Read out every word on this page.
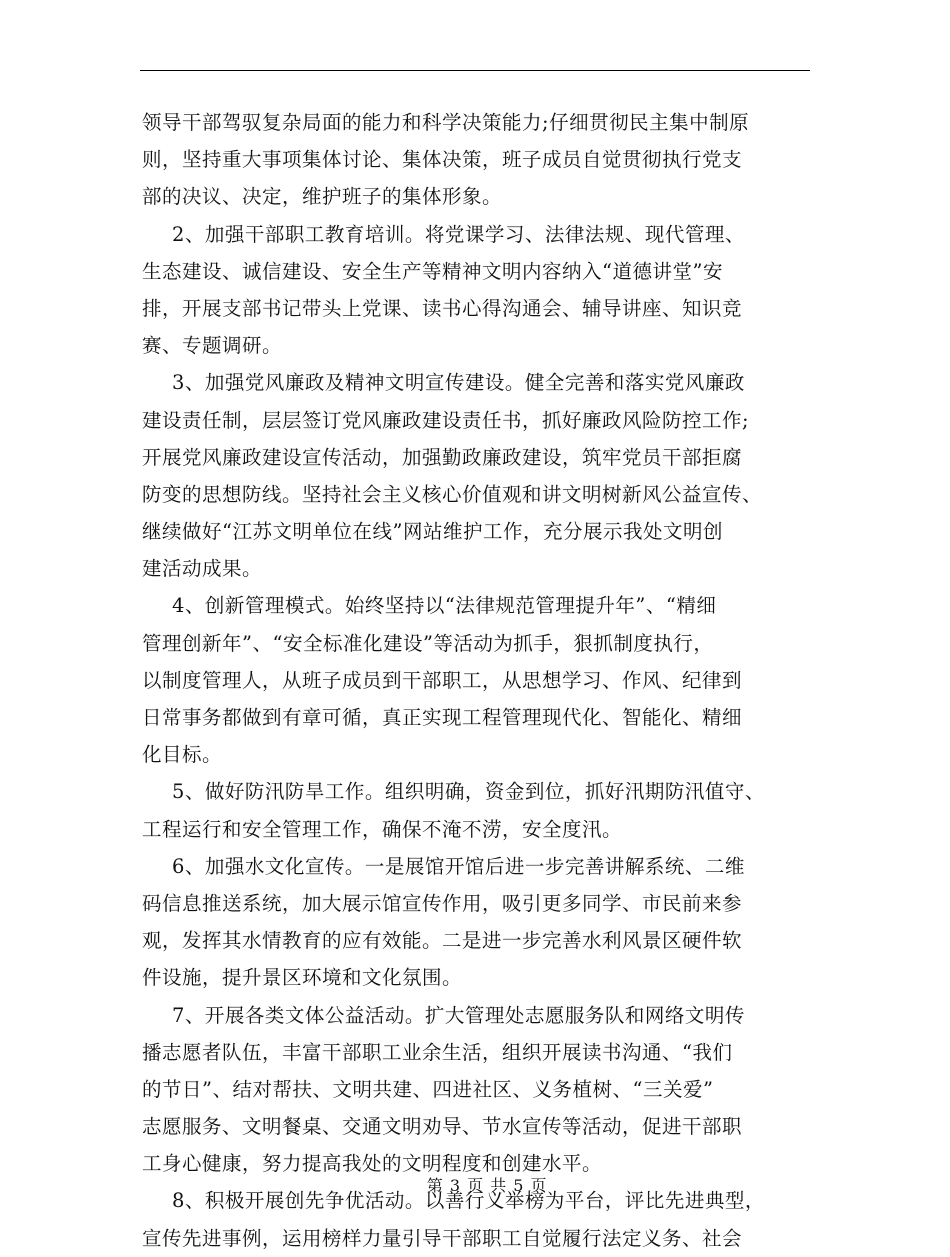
领导干部驾驭复杂局面的能力和科学决策能力;仔细贯彻民主集中制原
则，坚持重大事项集体讨论、集体决策，班子成员自觉贯彻执行党支
部的决议、决定，维护班子的集体形象。
2、加强干部职工教育培训。将党课学习、法律法规、现代管理、
生态建设、诚信建设、安全生产等精神文明内容纳入“道德讲堂”安
排，开展支部书记带头上党课、读书心得沟通会、辅导讲座、知识竞
赛、专题调研。
3、加强党风廉政及精神文明宣传建设。健全完善和落实党风廉政
建设责任制，层层签订党风廉政建设责任书，抓好廉政风险防控工作;
开展党风廉政建设宣传活动，加强勤政廉政建设，筑牢党员干部拒腐
防变的思想防线。坚持社会主义核心价值观和讲文明树新风公益宣传、
继续做好“江苏文明单位在线”网站维护工作，充分展示我处文明创
建活动成果。
4、创新管理模式。始终坚持以“法律规范管理提升年”、“精细
管理创新年”、“安全标准化建设”等活动为抓手，狠抓制度执行，
以制度管理人，从班子成员到干部职工，从思想学习、作风、纪律到
日常事务都做到有章可循，真正实现工程管理现代化、智能化、精细
化目标。
5、做好防汛防旱工作。组织明确，资金到位，抓好汛期防汛值守、
工程运行和安全管理工作，确保不淹不涝，安全度汛。
6、加强水文化宣传。一是展馆开馆后进一步完善讲解系统、二维
码信息推送系统，加大展示馆宣传作用，吸引更多同学、市民前来参
观，发挥其水情教育的应有效能。二是进一步完善水利风景区硬件软
件设施，提升景区环境和文化氛围。
7、开展各类文体公益活动。扩大管理处志愿服务队和网络文明传
播志愿者队伍，丰富干部职工业余生活，组织开展读书沟通、“我们
的节日”、结对帮扶、文明共建、四进社区、义务植树、“三关爱”
志愿服务、文明餐桌、交通文明劝导、节水宣传等活动，促进干部职
工身心健康，努力提高我处的文明程度和创建水平。
8、积极开展创先争优活动。以善行义举榜为平台，评比先进典型，
宣传先进事例，运用榜样力量引导干部职工自觉履行法定义务、社会

第 3 页 共 5 页
